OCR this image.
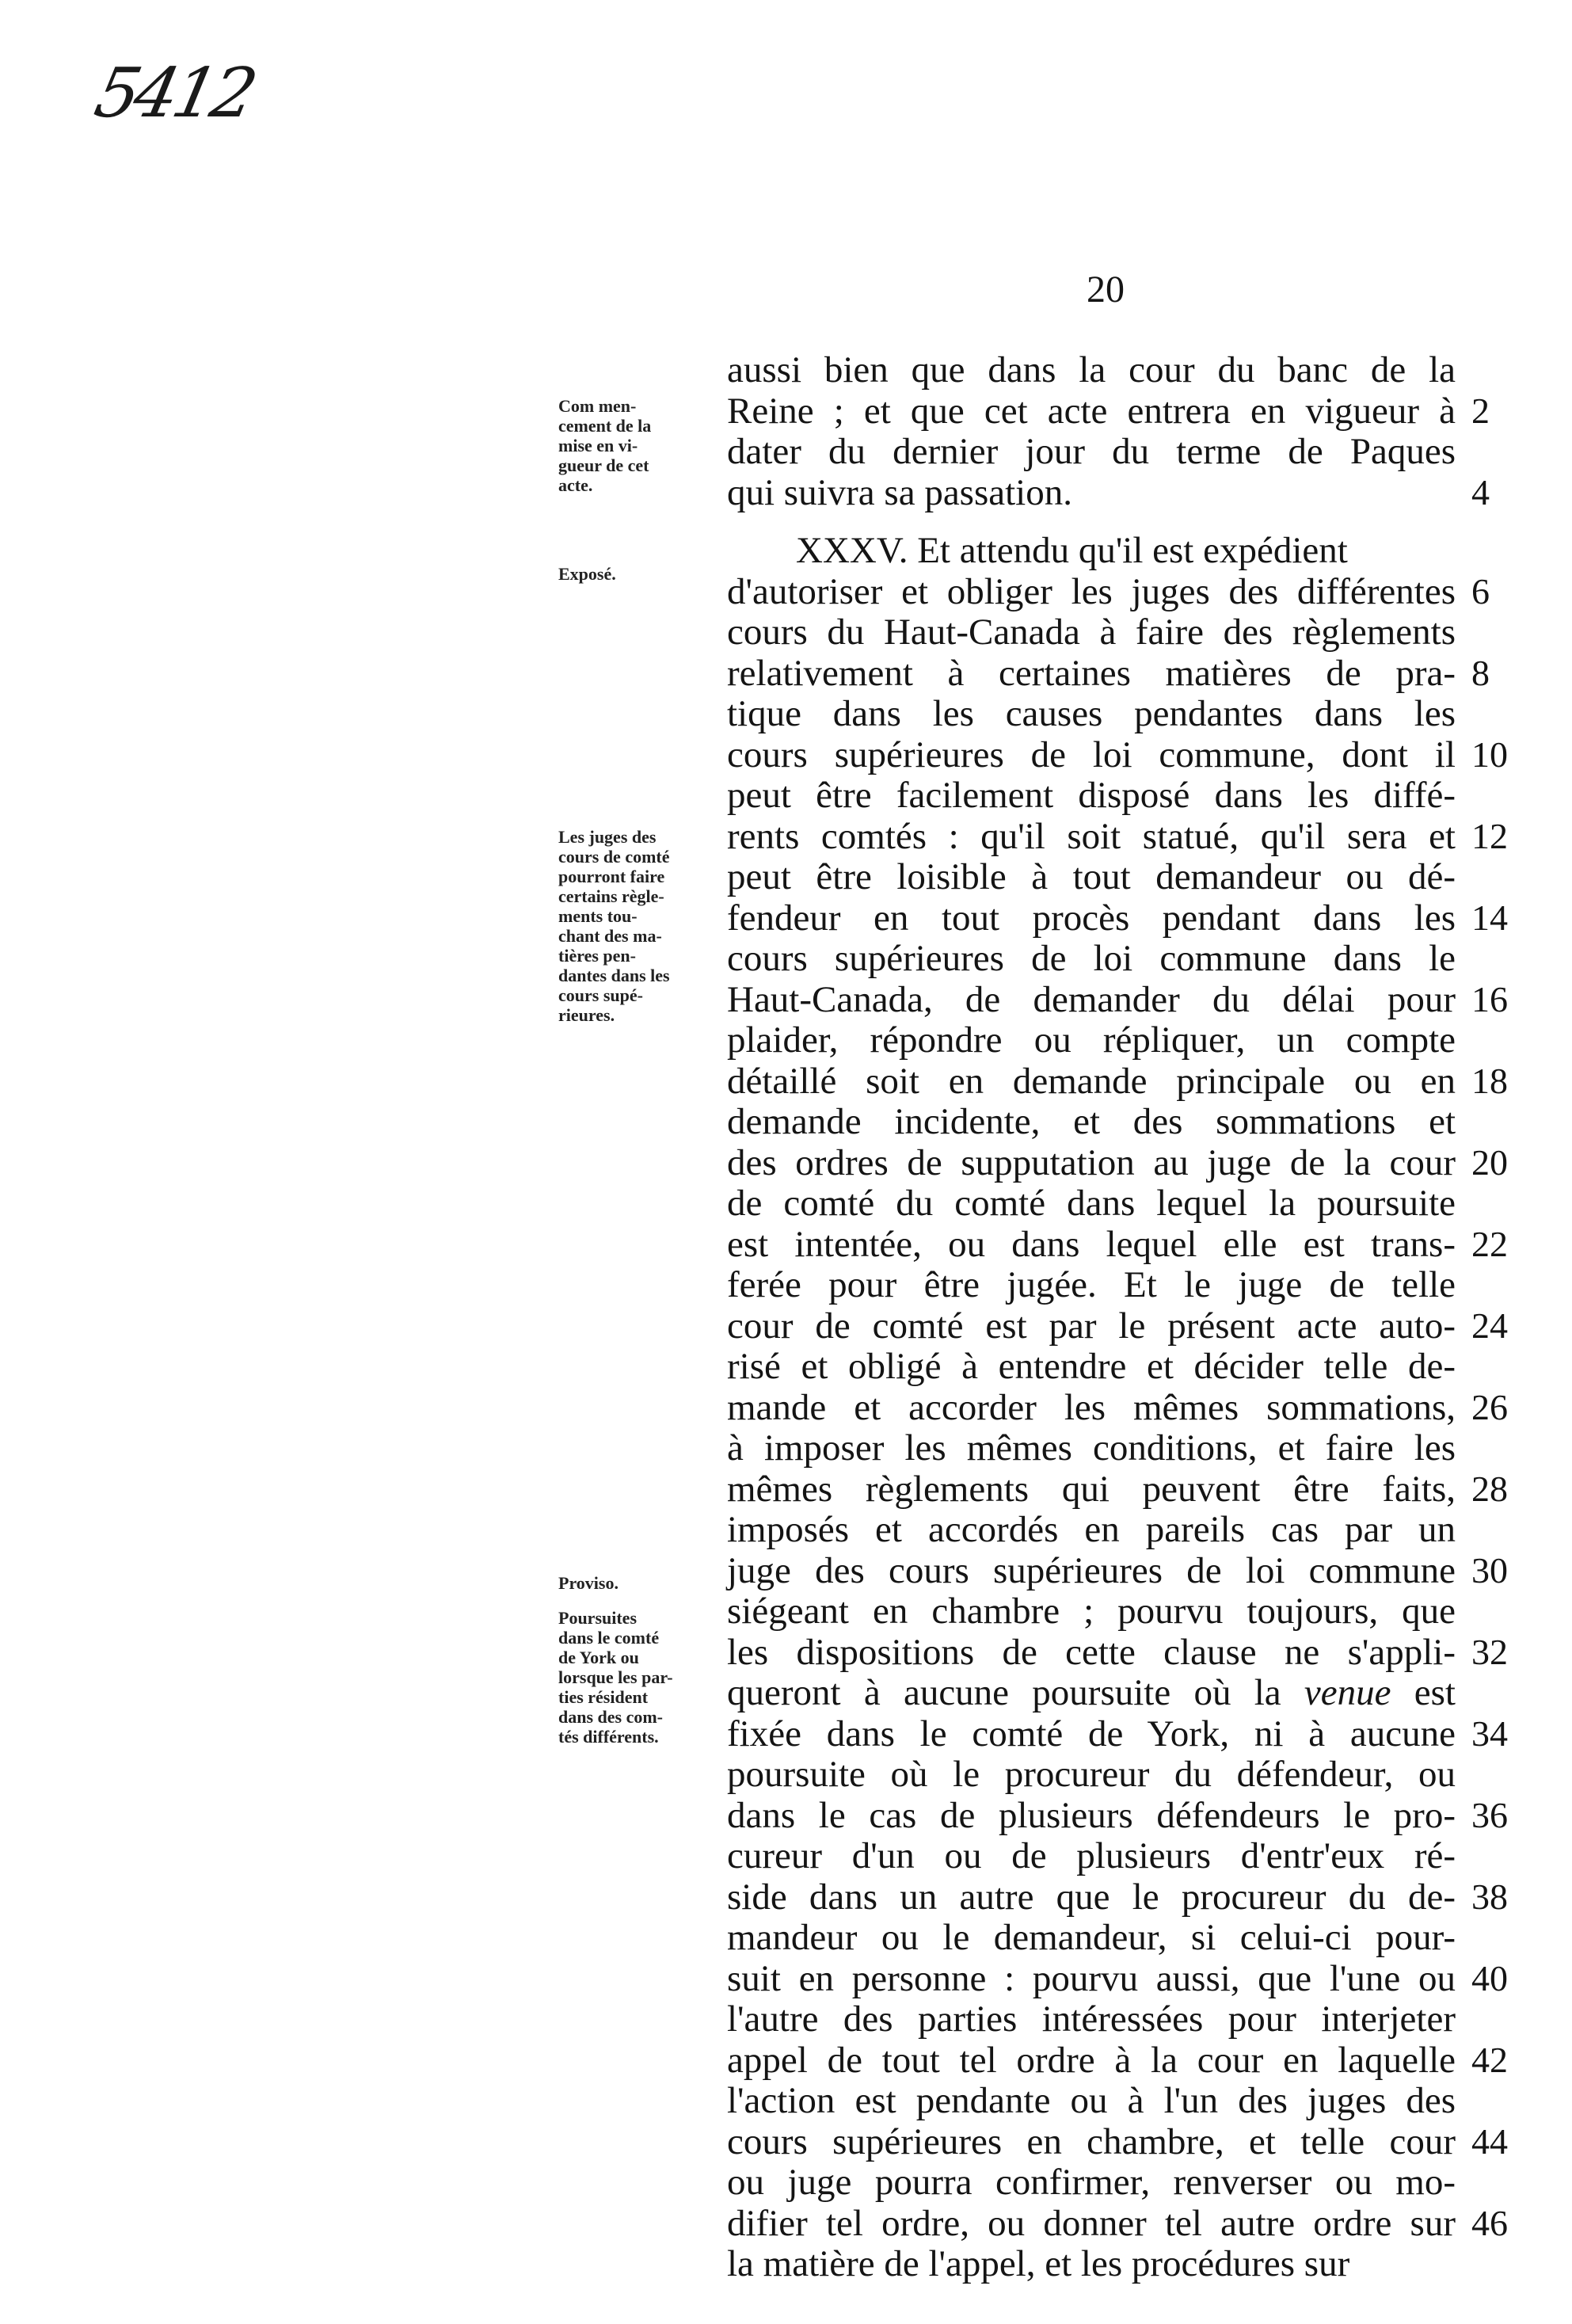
5412
20
Com men-
cement de la
mise en vi-
gueur de cet
acte.
Exposé.
Les juges des
cours de comté
pourront faire
certains règle-
ments tou-
chant des ma-
tières pen-
dantes dans les
cours supé-
rieures.
Proviso.
Poursuites
dans le comté
de York ou
lorsque les par-
ties résident
dans des com-
tés différents.
aussi bien que dans la cour du banc de la
Reine ; et que cet acte entrera en vigueur à 2
dater du dernier jour du terme de Paques
qui suivra sa passation.	4
XXXV. Et attendu qu'il est expédient
d'autoriser et obliger les juges des différentes 6
cours du Haut-Canada à faire des règlements
relativement à certaines matières de pra- 8
tique dans les causes pendantes dans les
cours supérieures de loi commune, dont il 10
peut être facilement disposé dans les diffé-
rents comtés : qu'il soit statué, qu'il sera et 12
peut être loisible à tout demandeur ou dé-
fendeur en tout procès pendant dans les 14
cours supérieures de loi commune dans le
Haut-Canada, de demander du délai pour 16
plaider, répondre ou répliquer, un compte
détaillé soit en demande principale ou en 18
demande incidente, et des sommations et
des ordres de supputation au juge de la cour 20
de comté du comté dans lequel la poursuite
est intentée, ou dans lequel elle est trans- 22
ferée pour être jugée. Et le juge de telle
cour de comté est par le présent acte auto- 24
risé et obligé à entendre et décider telle de-
mande et accorder les mêmes sommations, 26
à imposer les mêmes conditions, et faire les
mêmes règlements qui peuvent être faits, 28
imposés et accordés en pareils cas par un
juge des cours supérieures de loi commune 30
siégeant en chambre ; pourvu toujours, que
les dispositions de cette clause ne s'appli- 32
queront à aucune poursuite où la venue est
fixée dans le comté de York, ni à aucune 34
poursuite où le procureur du défendeur, ou
dans le cas de plusieurs défendeurs le pro- 36
cureur d'un ou de plusieurs d'entr'eux ré-
side dans un autre que le procureur du de- 38
mandeur ou le demandeur, si celui-ci pour-
suit en personne : pourvu aussi, que l'une ou 40
l'autre des parties intéressées pour interjeter
appel de tout tel ordre à la cour en laquelle 42
l'action est pendante ou à l'un des juges des
cours supérieures en chambre, et telle cour 44
ou juge pourra confirmer, renverser ou mo-
difier tel ordre, ou donner tel autre ordre sur 46
la matière de l'appel, et les procédures sur
